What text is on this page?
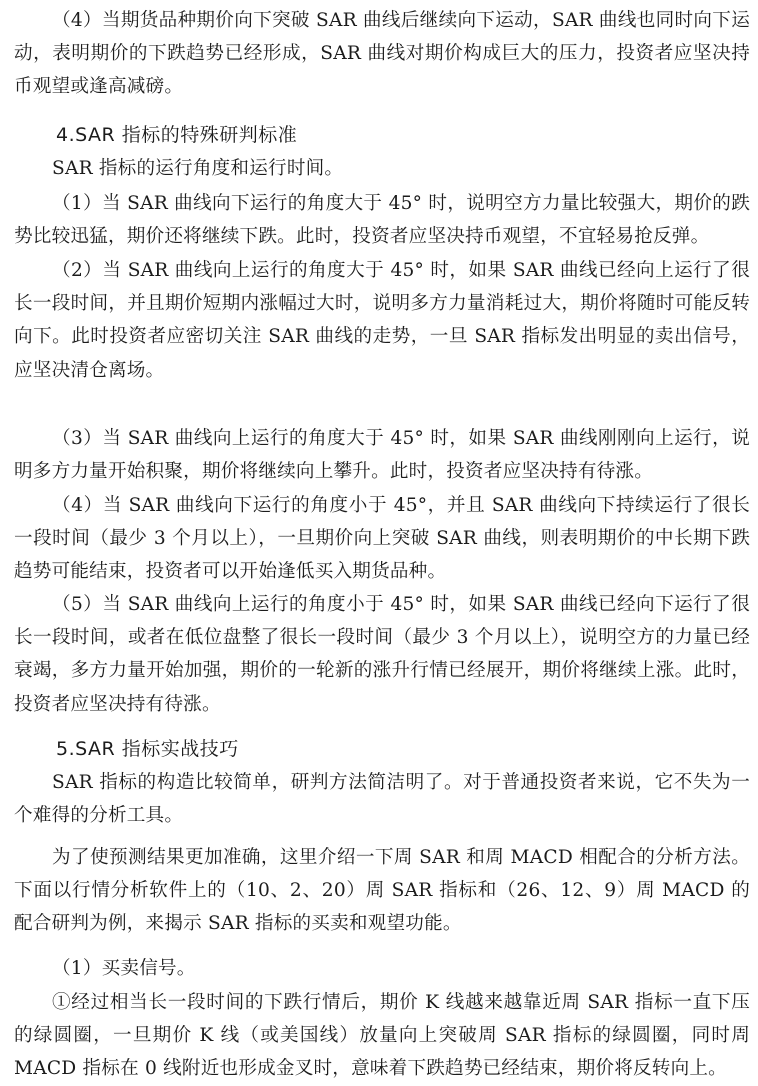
（4）当期货品种期价向下突破 SAR 曲线后继续向下运动，SAR 曲线也同时向下运动，表明期价的下跌趋势已经形成，SAR 曲线对期价构成巨大的压力，投资者应坚决持币观望或逢高减磅。

4.SAR 指标的特殊研判标准

SAR 指标的运行角度和运行时间。

（1）当 SAR 曲线向下运行的角度大于 45° 时，说明空方力量比较强大，期价的跌势比较迅猛，期价还将继续下跌。此时，投资者应坚决持币观望，不宜轻易抢反弹。

（2）当 SAR 曲线向上运行的角度大于 45° 时，如果 SAR 曲线已经向上运行了很长一段时间，并且期价短期内涨幅过大时，说明多方力量消耗过大，期价将随时可能反转向下。此时投资者应密切关注 SAR 曲线的走势，一旦 SAR 指标发出明显的卖出信号，应坚决清仓离场。

（3）当 SAR 曲线向上运行的角度大于 45° 时，如果 SAR 曲线刚刚向上运行，说明多方力量开始积聚，期价将继续向上攀升。此时，投资者应坚决持有待涨。

（4）当 SAR 曲线向下运行的角度小于 45°，并且 SAR 曲线向下持续运行了很长一段时间（最少 3 个月以上），一旦期价向上突破 SAR 曲线，则表明期价的中长期下跌趋势可能结束，投资者可以开始逢低买入期货品种。

（5）当 SAR 曲线向上运行的角度小于 45° 时，如果 SAR 曲线已经向下运行了很长一段时间，或者在低位盘整了很长一段时间（最少 3 个月以上），说明空方的力量已经衰竭，多方力量开始加强，期价的一轮新的涨升行情已经展开，期价将继续上涨。此时，投资者应坚决持有待涨。

5.SAR 指标实战技巧

SAR 指标的构造比较简单，研判方法简洁明了。对于普通投资者来说，它不失为一个难得的分析工具。

为了使预测结果更加准确，这里介绍一下周 SAR 和周 MACD 相配合的分析方法。下面以行情分析软件上的（10、2、20）周 SAR 指标和（26、12、9）周 MACD 的配合研判为例，来揭示 SAR 指标的买卖和观望功能。

（1）买卖信号。

①经过相当长一段时间的下跌行情后，期价 K 线越来越靠近周 SAR 指标一直下压的绿圆圈，一旦期价 K 线（或美国线）放量向上突破周 SAR 指标的绿圆圈，同时周 MACD 指标在 0 线附近也形成金叉时，意味着下跌趋势已经结束，期价将反转向上。
